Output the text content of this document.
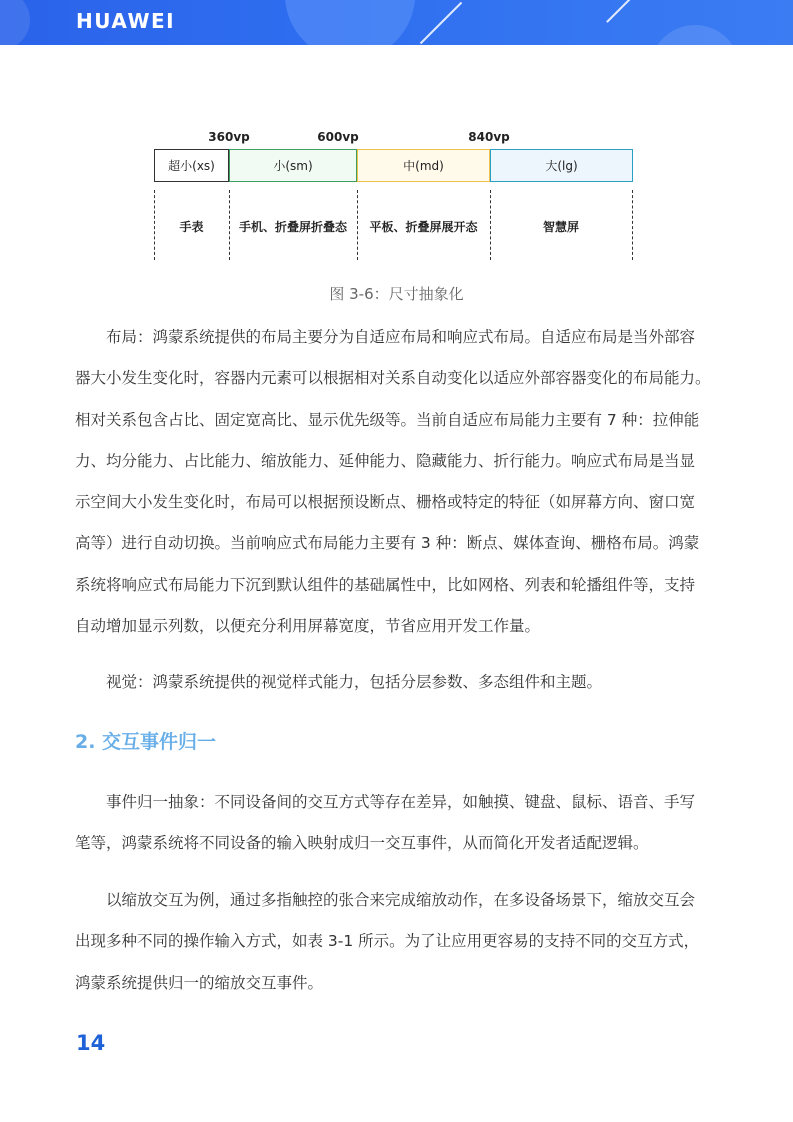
HUAWEI
360vp	600vp	840vp
超小(xs)	小(sm)	中(md)	大(lg)
手表	手机、折叠屏折叠态	平板、折叠屏展开态	智慧屏
图 3-6：尺寸抽象化
　　布局：鸿蒙系统提供的布局主要分为自适应布局和响应式布局。自适应布局是当外部容
器大小发生变化时，容器内元素可以根据相对关系自动变化以适应外部容器变化的布局能力。
相对关系包含占比、固定宽高比、显示优先级等。当前自适应布局能力主要有 7 种：拉伸能
力、均分能力、占比能力、缩放能力、延伸能力、隐藏能力、折行能力。响应式布局是当显
示空间大小发生变化时，布局可以根据预设断点、栅格或特定的特征（如屏幕方向、窗口宽
高等）进行自动切换。当前响应式布局能力主要有 3 种：断点、媒体查询、栅格布局。鸿蒙
系统将响应式布局能力下沉到默认组件的基础属性中，比如网格、列表和轮播组件等，支持
自动增加显示列数，以便充分利用屏幕宽度，节省应用开发工作量。
　　视觉：鸿蒙系统提供的视觉样式能力，包括分层参数、多态组件和主题。
2. 交互事件归一
　　事件归一抽象：不同设备间的交互方式等存在差异，如触摸、键盘、鼠标、语音、手写
笔等，鸿蒙系统将不同设备的输入映射成归一交互事件，从而简化开发者适配逻辑。
　　以缩放交互为例，通过多指触控的张合来完成缩放动作，在多设备场景下，缩放交互会
出现多种不同的操作输入方式，如表 3-1 所示。为了让应用更容易的支持不同的交互方式，
鸿蒙系统提供归一的缩放交互事件。
14
